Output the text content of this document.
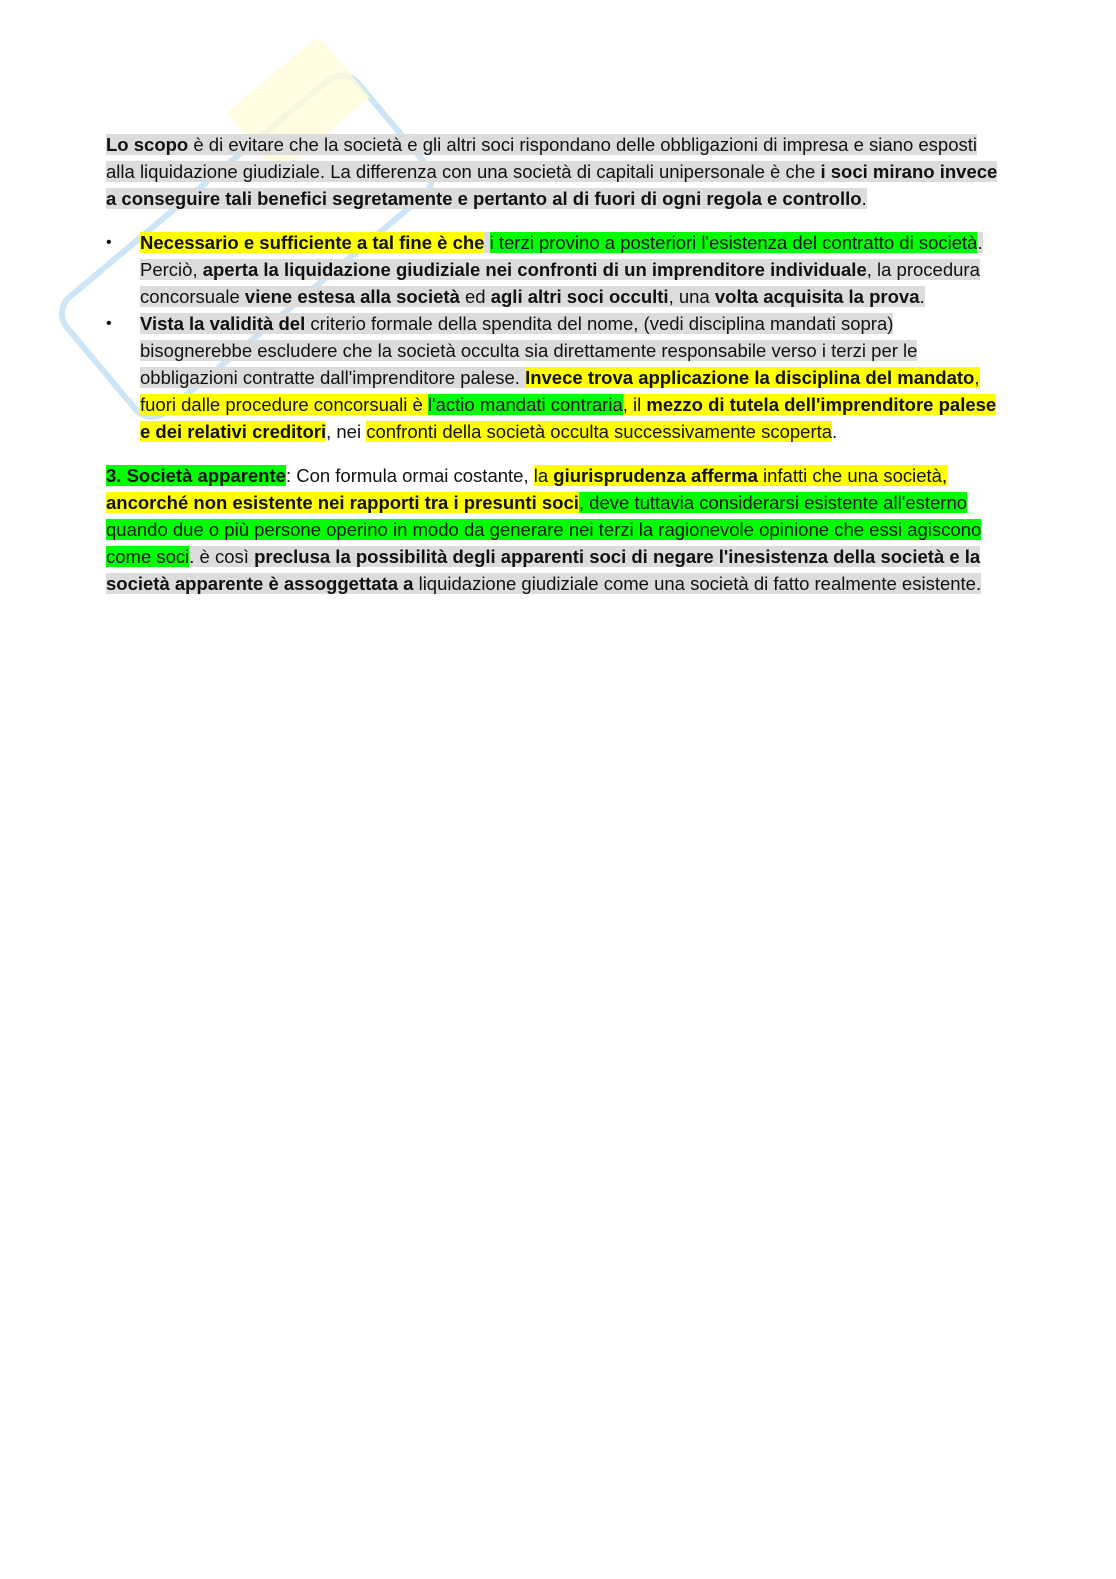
Lo scopo è di evitare che la società e gli altri soci rispondano delle obbligazioni di impresa e siano esposti alla liquidazione giudiziale. La differenza con una società di capitali unipersonale è che i soci mirano invece a conseguire tali benefici segretamente e pertanto al di fuori di ogni regola e controllo.

•	Necessario e sufficiente a tal fine è che i terzi provino a posteriori l'esistenza del contratto di società. Perciò, aperta la liquidazione giudiziale nei confronti di un imprenditore individuale, la procedura concorsuale viene estesa alla società ed agli altri soci occulti, una volta acquisita la prova.
•	Vista la validità del criterio formale della spendita del nome, (vedi disciplina mandati sopra) bisognerebbe escludere che la società occulta sia direttamente responsabile verso i terzi per le obbligazioni contratte dall'imprenditore palese. Invece trova applicazione la disciplina del mandato, fuori dalle procedure concorsuali è l'actio mandati contraria, il mezzo di tutela dell'imprenditore palese e dei relativi creditori, nei confronti della società occulta successivamente scoperta.

3. Società apparente: Con formula ormai costante, la giurisprudenza afferma infatti che una società, ancorché non esistente nei rapporti tra i presunti soci, deve tuttavia considerarsi esistente all'esterno quando due o più persone operino in modo da generare nei terzi la ragionevole opinione che essi agiscono come soci. è così preclusa la possibilità degli apparenti soci di negare l'inesistenza della società e la società apparente è assoggettata a liquidazione giudiziale come una società di fatto realmente esistente.
